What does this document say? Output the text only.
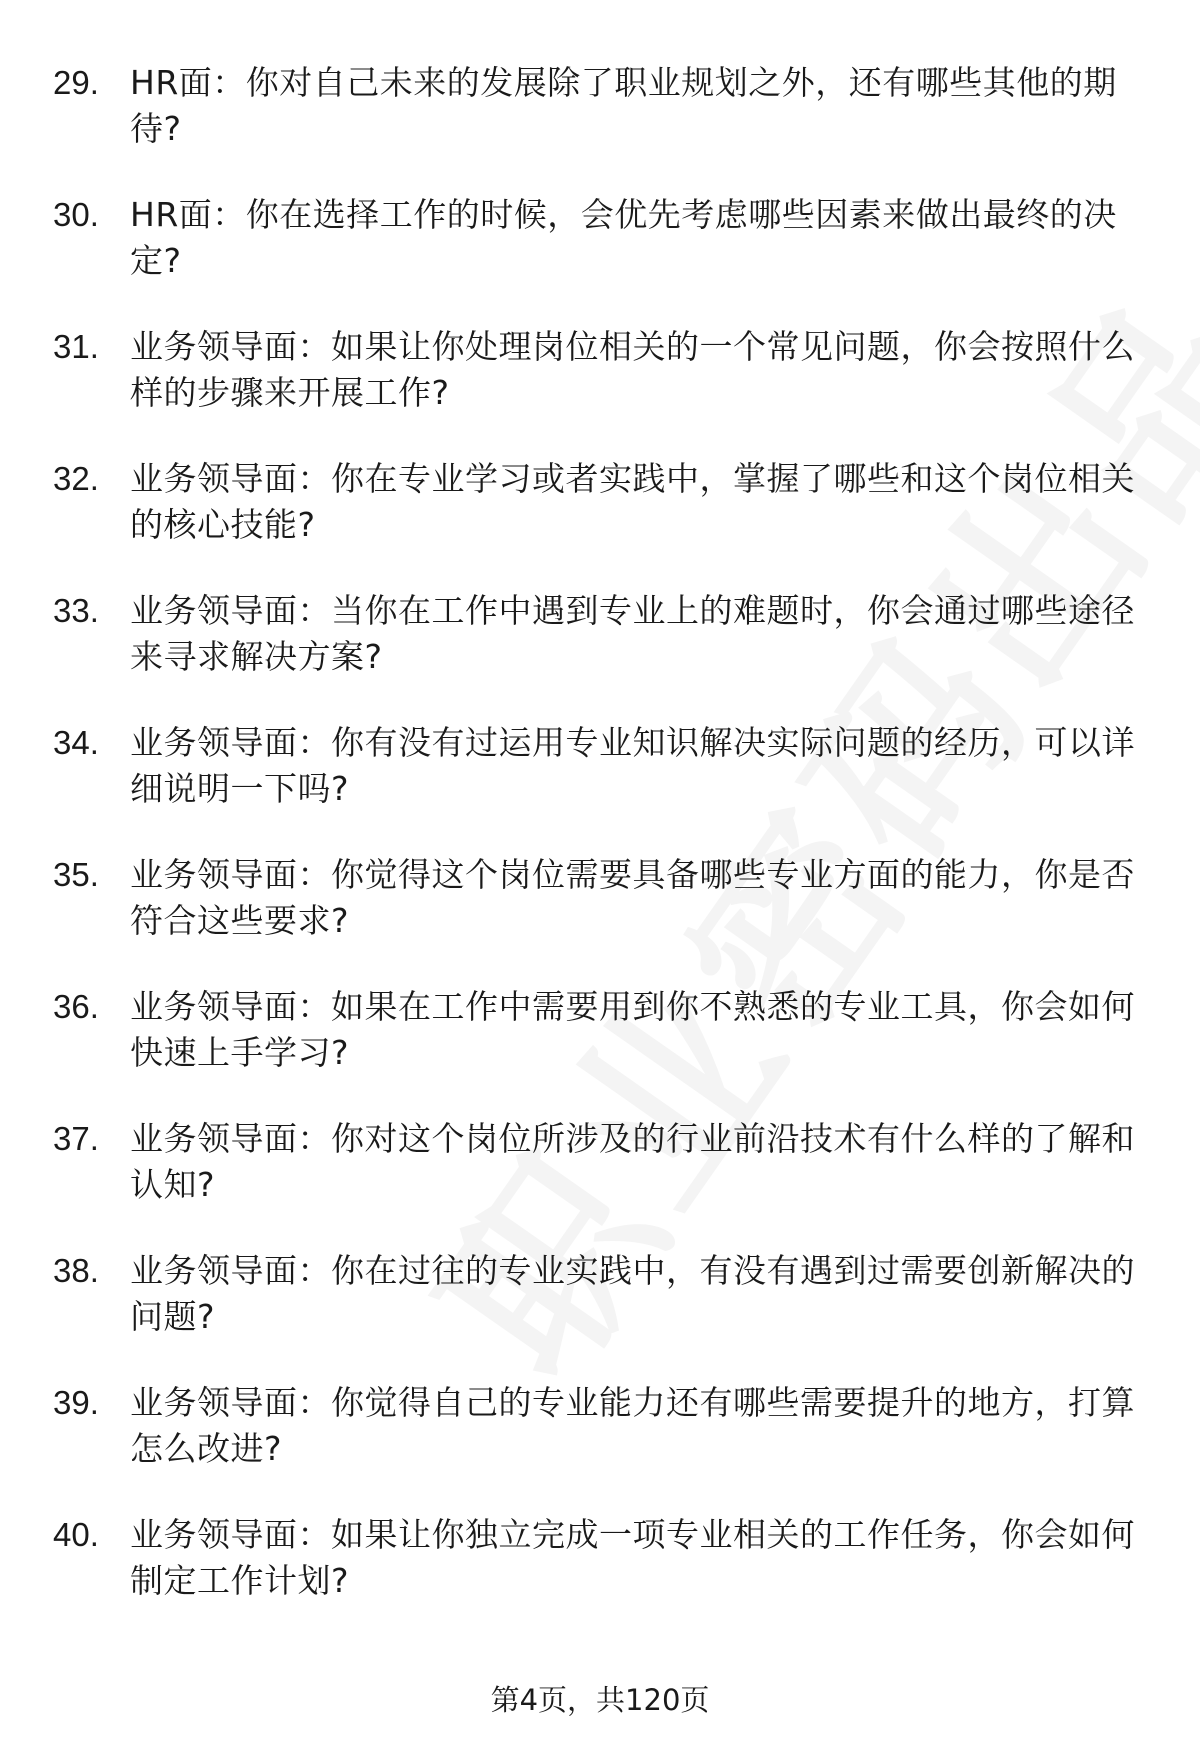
29. HR面：你对自己未来的发展除了职业规划之外，还有哪些其他的期待?
30. HR面：你在选择工作的时候，会优先考虑哪些因素来做出最终的决定?
31. 业务领导面：如果让你处理岗位相关的一个常见问题，你会按照什么样的步骤来开展工作?
32. 业务领导面：你在专业学习或者实践中，掌握了哪些和这个岗位相关的核心技能?
33. 业务领导面：当你在工作中遇到专业上的难题时，你会通过哪些途径来寻求解决方案?
34. 业务领导面：你有没有过运用专业知识解决实际问题的经历，可以详细说明一下吗?
35. 业务领导面：你觉得这个岗位需要具备哪些专业方面的能力，你是否符合这些要求?
36. 业务领导面：如果在工作中需要用到你不熟悉的专业工具，你会如何快速上手学习?
37. 业务领导面：你对这个岗位所涉及的行业前沿技术有什么样的了解和认知?
38. 业务领导面：你在过往的专业实践中，有没有遇到过需要创新解决的问题?
39. 业务领导面：你觉得自己的专业能力还有哪些需要提升的地方，打算怎么改进?
40. 业务领导面：如果让你独立完成一项专业相关的工作任务，你会如何制定工作计划?
第4页，共120页
